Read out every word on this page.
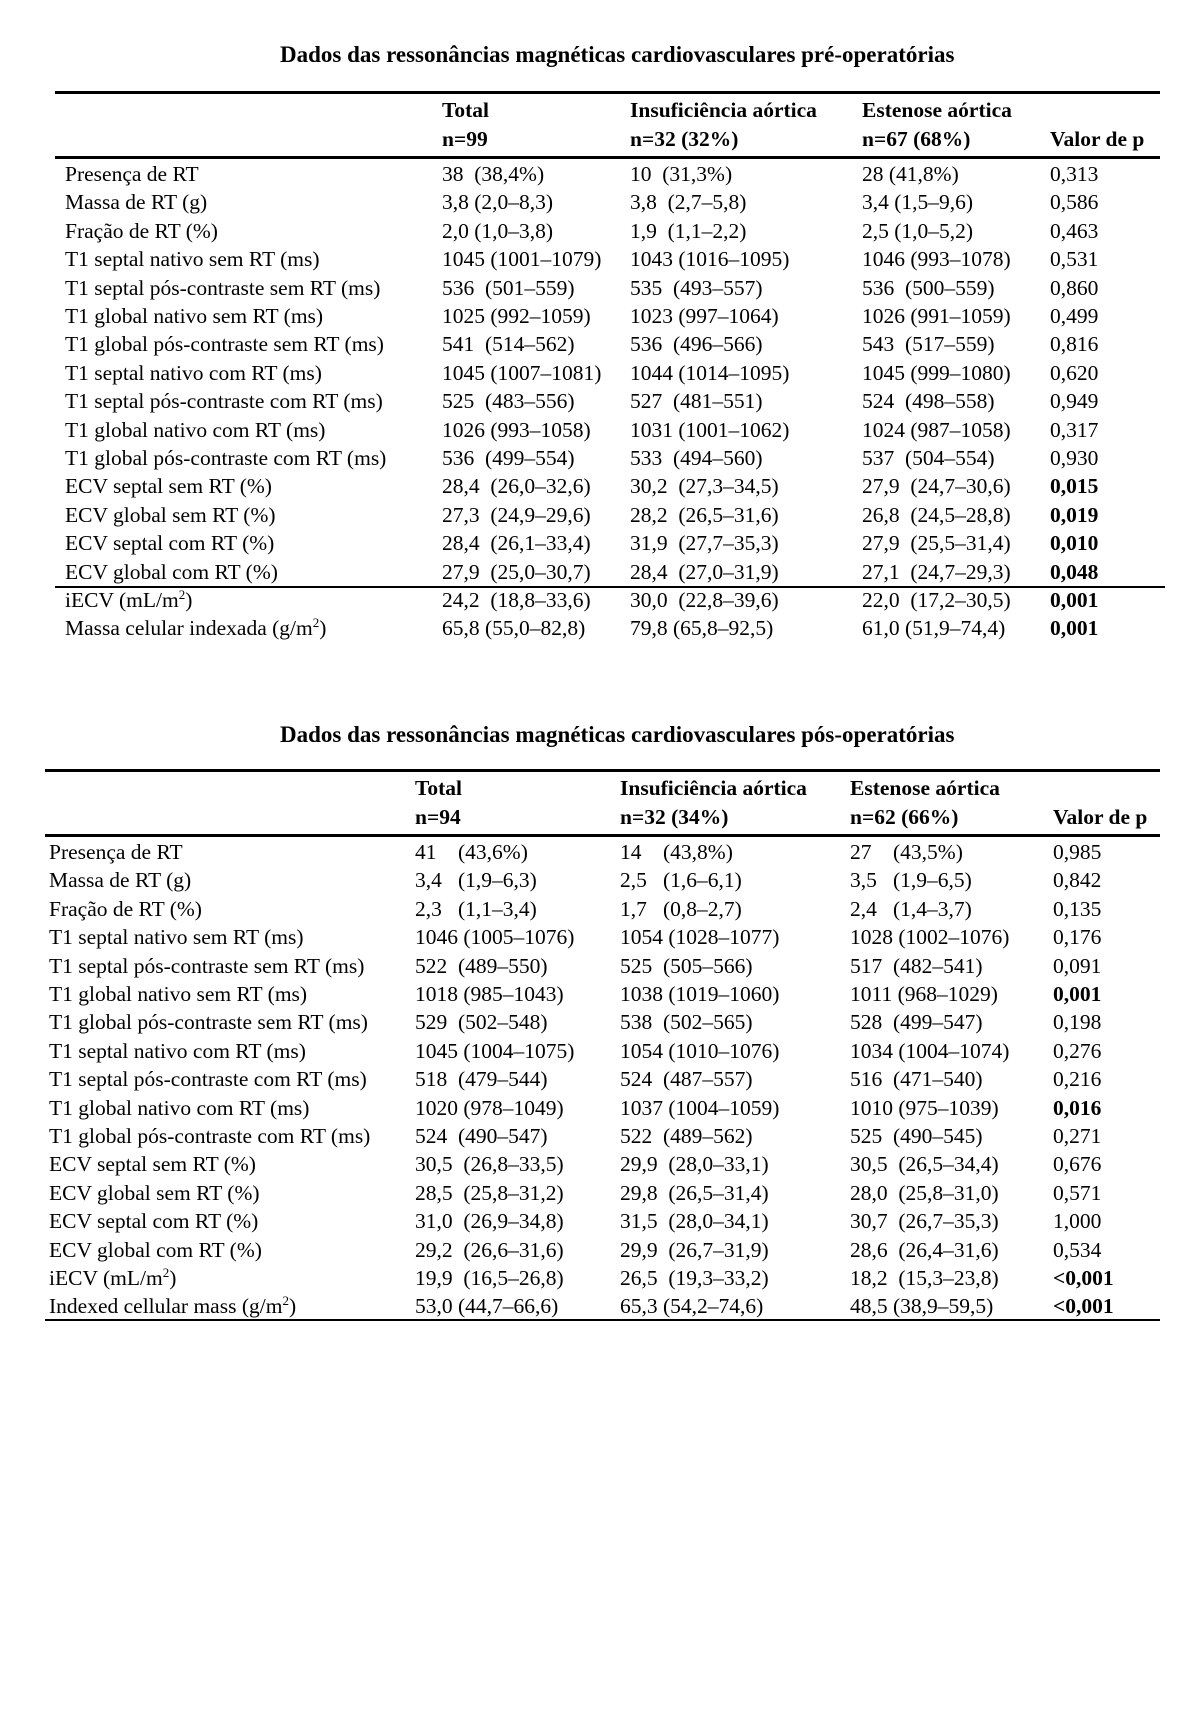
Dados das ressonâncias magnéticas cardiovasculares pré-operatórias
Total
n=99
Insuficiência aórtica
n=32 (32%)
Estenose aórtica
n=67 (68%)	Valor de p
Presença de RT	38  (38,4%)	10  (31,3%)	28 (41,8%)	0,313
Massa de RT (g)	3,8 (2,0–8,3)	3,8  (2,7–5,8)	3,4 (1,5–9,6)	0,586
Fração de RT (%)	2,0 (1,0–3,8)	1,9  (1,1–2,2)	2,5 (1,0–5,2)	0,463
T1 septal nativo sem RT (ms)	1045 (1001–1079) 1043 (1016–1095)	1046 (993–1078) 0,531
T1 septal pós-contraste sem RT (ms)	536  (501–559)	535  (493–557)	536  (500–559)	0,860
T1 global nativo sem RT (ms)	1025 (992–1059) 1023 (997–1064)	1026 (991–1059) 0,499
T1 global pós-contraste sem RT (ms)	541  (514–562)	536  (496–566)	543  (517–559)	0,816
T1 septal nativo com RT (ms)	1045 (1007–1081) 1044 (1014–1095)	1045 (999–1080) 0,620
T1 septal pós-contraste com RT (ms)	525  (483–556)	527  (481–551)	524  (498–558)	0,949
T1 global nativo com RT (ms)	1026 (993–1058) 1031 (1001–1062)	1024 (987–1058) 0,317
T1 global pós-contraste com RT (ms)	536  (499–554)	533  (494–560)	537  (504–554)	0,930
ECV septal sem RT (%)	28,4  (26,0–32,6) 30,2  (27,3–34,5)	27,9  (24,7–30,6) 0,015
ECV global sem RT (%)	27,3  (24,9–29,6) 28,2  (26,5–31,6)	26,8  (24,5–28,8) 0,019
ECV septal com RT (%)	28,4  (26,1–33,4) 31,9  (27,7–35,3)	27,9  (25,5–31,4) 0,010
ECV global com RT (%)	27,9  (25,0–30,7) 28,4  (27,0–31,9)	27,1  (24,7–29,3) 0,048
iECV $(mL/m^2)$	24,2  (18,8–33,6) 30,0  (22,8–39,6)	22,0  (17,2–30,5) 0,001
Massa celular indexada $(g/m^2)$	65,8 (55,0–82,8) 79,8 (65,8–92,5)	61,0 (51,9–74,4) 0,001
Dados das ressonâncias magnéticas cardiovasculares pós-operatórias
Total
n=94
Insuficiência aórtica
n=32 (34%)
Estenose aórtica
n=62 (66%)	Valor de p
Presença de RT	41    (43,6%)	14    (43,8%)	27    (43,5%)	0,985
Massa de RT (g)	3,4   (1,9–6,3)	2,5   (1,6–6,1)	3,5   (1,9–6,5)	0,842
Fração de RT (%)	2,3   (1,1–3,4)	1,7   (0,8–2,7)	2,4   (1,4–3,7)	0,135
T1 septal nativo sem RT (ms)	1046 (1005–1076) 1054 (1028–1077)	1028 (1002–1076) 0,176
T1 septal pós-contraste sem RT (ms) 522  (489–550)	525  (505–566)	517  (482–541)	0,091
T1 global nativo sem RT (ms)	1018 (985–1043)	1038 (1019–1060)	1011 (968–1029)	0,001
T1 global pós-contraste sem RT (ms) 529  (502–548)	538  (502–565)	528  (499–547)	0,198
T1 septal nativo com RT (ms)	1045 (1004–1075) 1054 (1010–1076)	1034 (1004–1074) 0,276
T1 septal pós-contraste com RT (ms) 518  (479–544)	524  (487–557)	516  (471–540)	0,216
T1 global nativo com RT (ms)	1020 (978–1049)	1037 (1004–1059)	1010 (975–1039)	0,016
T1 global pós-contraste com RT (ms) 524  (490–547)	522  (489–562)	525  (490–545)	0,271
ECV septal sem RT (%)	30,5  (26,8–33,5)	29,9  (28,0–33,1)	30,5  (26,5–34,4)	0,676
ECV global sem RT (%)	28,5  (25,8–31,2)	29,8  (26,5–31,4)	28,0  (25,8–31,0)	0,571
ECV septal com RT (%)	31,0  (26,9–34,8)	31,5  (28,0–34,1)	30,7  (26,7–35,3)	1,000
ECV global com RT (%)	29,2  (26,6–31,6)	29,9  (26,7–31,9)	28,6  (26,4–31,6)	0,534
iECV $(mL/m^2)$	19,9  (16,5–26,8)	26,5  (19,3–33,2)	18,2  (15,3–23,8)	<0,001
Indexed cellular mass $(g/m^2)$	53,0 (44,7–66,6)	65,3 (54,2–74,6)	48,5 (38,9–59,5)	<0,001
